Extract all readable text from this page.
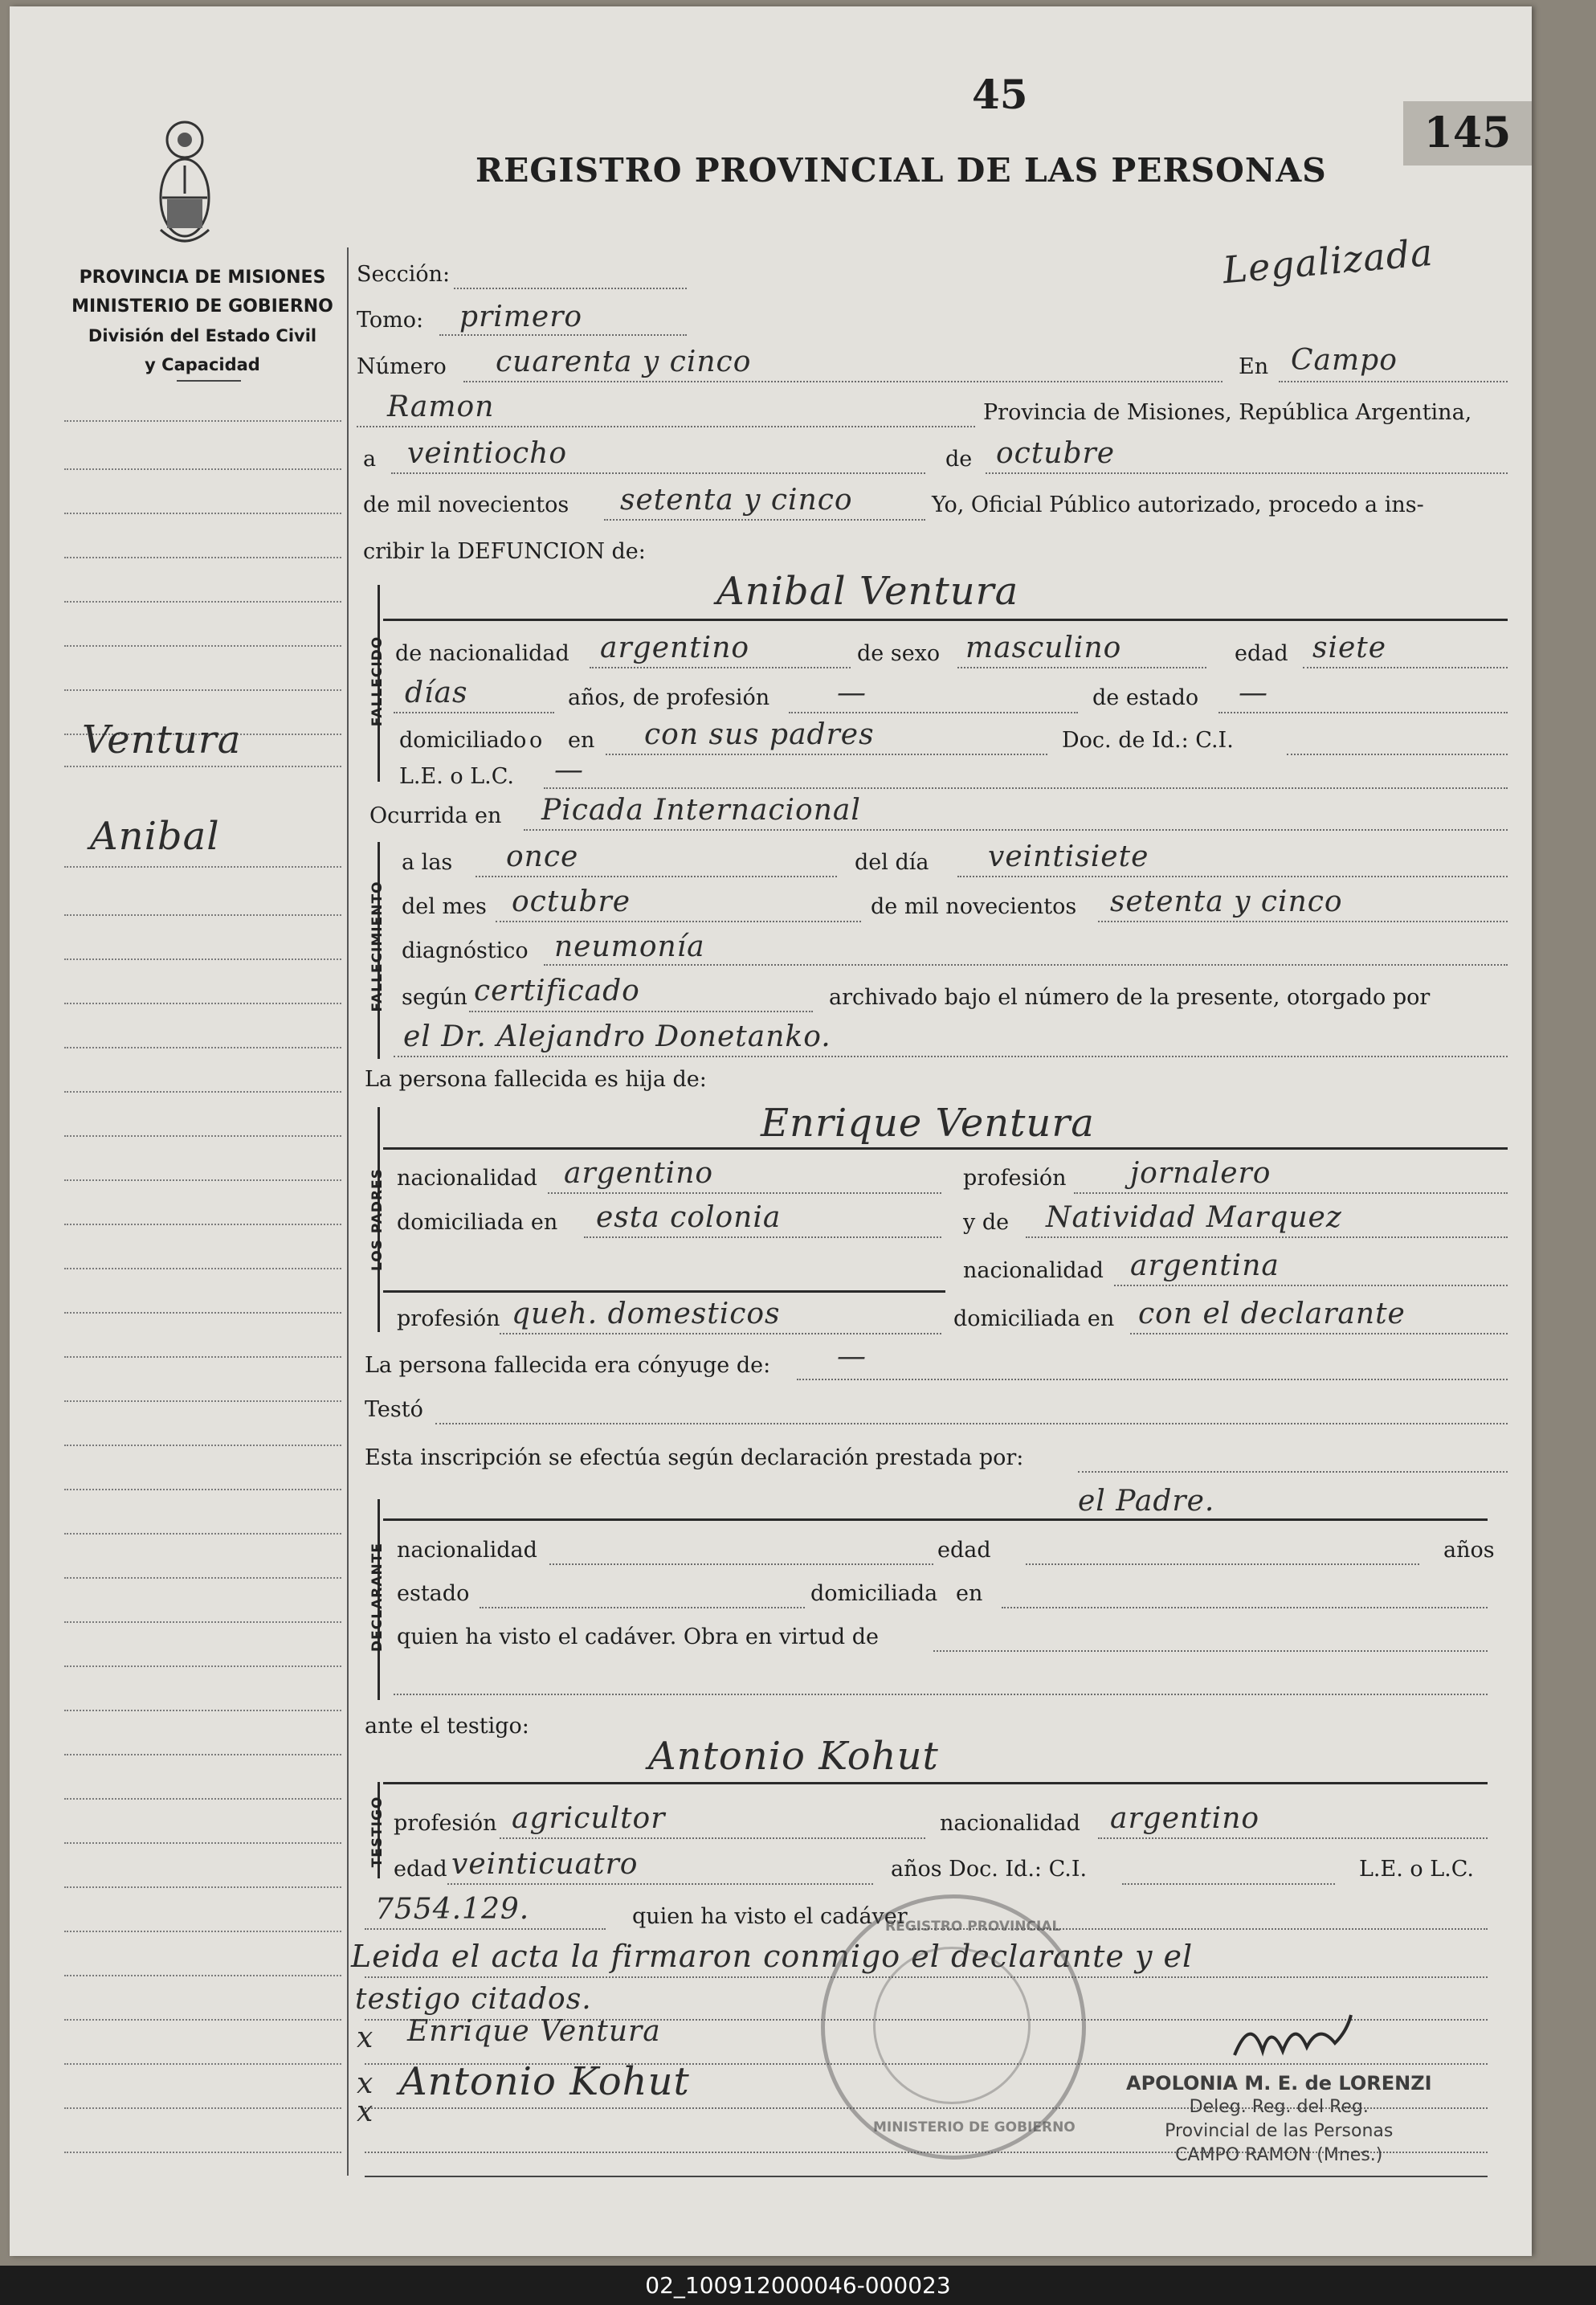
PROVINCIA DE MISIONES
MINISTERIO DE GOBIERNO
División del Estado Civil
y Capacidad
45
145
REGISTRO PROVINCIAL DE LAS PERSONAS
Legalizada
Ventura
Anibal
Sección:
Tomo: primero
Número cuarenta y cinco	En Campo
Ramon	Provincia de Misiones, República Argentina,
a veintiocho	de octubre
de mil novecientos setenta y cinco	Yo, Oficial Público autorizado, procedo a ins-
cribir la DEFUNCION de:
FALLECIDO
Anibal Ventura
de nacionalidad argentino	de sexo masculino	edad siete
días	años, de profesión —	de estado —
domiciliado o en con sus padres	Doc. de Id.: C.I.
L.E. o L.C. —
Ocurrida en Picada Internacional
FALLECIMIENTO
a las once	del día veintisiete
del mes octubre	de mil novecientos setenta y cinco
diagnóstico neumonía
según certificado	archivado bajo el número de la presente, otorgado por
el Dr. Alejandro Donetanko.
La persona fallecida es hija de:
Enrique Ventura
LOS PADRES nacionalidad argentino	profesión jornalero
domiciliada en esta colonia	y de Natividad Marquez
nacionalidad argentina
profesión queh. domesticos	domiciliada en con el declarante
La persona fallecida era cónyuge de: —
Testó
Esta inscripción se efectúa según declaración prestada por:
el Padre.
DECLARANTE nacionalidad	edad	años
estado	domiciliada en
quien ha visto el cadáver. Obra en virtud de
ante el testigo:
Antonio Kohut
TESTIGO profesión agricultor	nacionalidad argentino
edad veinticuatro	años Doc. Id.: C.I.	L.E. o L.C.
7554.129.	quien ha visto el cadáver
Leida el acta la firmaron conmigo el declarante y el
testigo citados.
x Enrique Ventura
x Antonio Kohut
x
REGISTRO PROVINCIAL
MINISTERIO DE GOBIERNO
APOLONIA M. E. de LORENZI
Deleg. Reg. del Reg.
Provincial de las Personas
CAMPO RAMON (Mnes.)
02_100912000046-000023
